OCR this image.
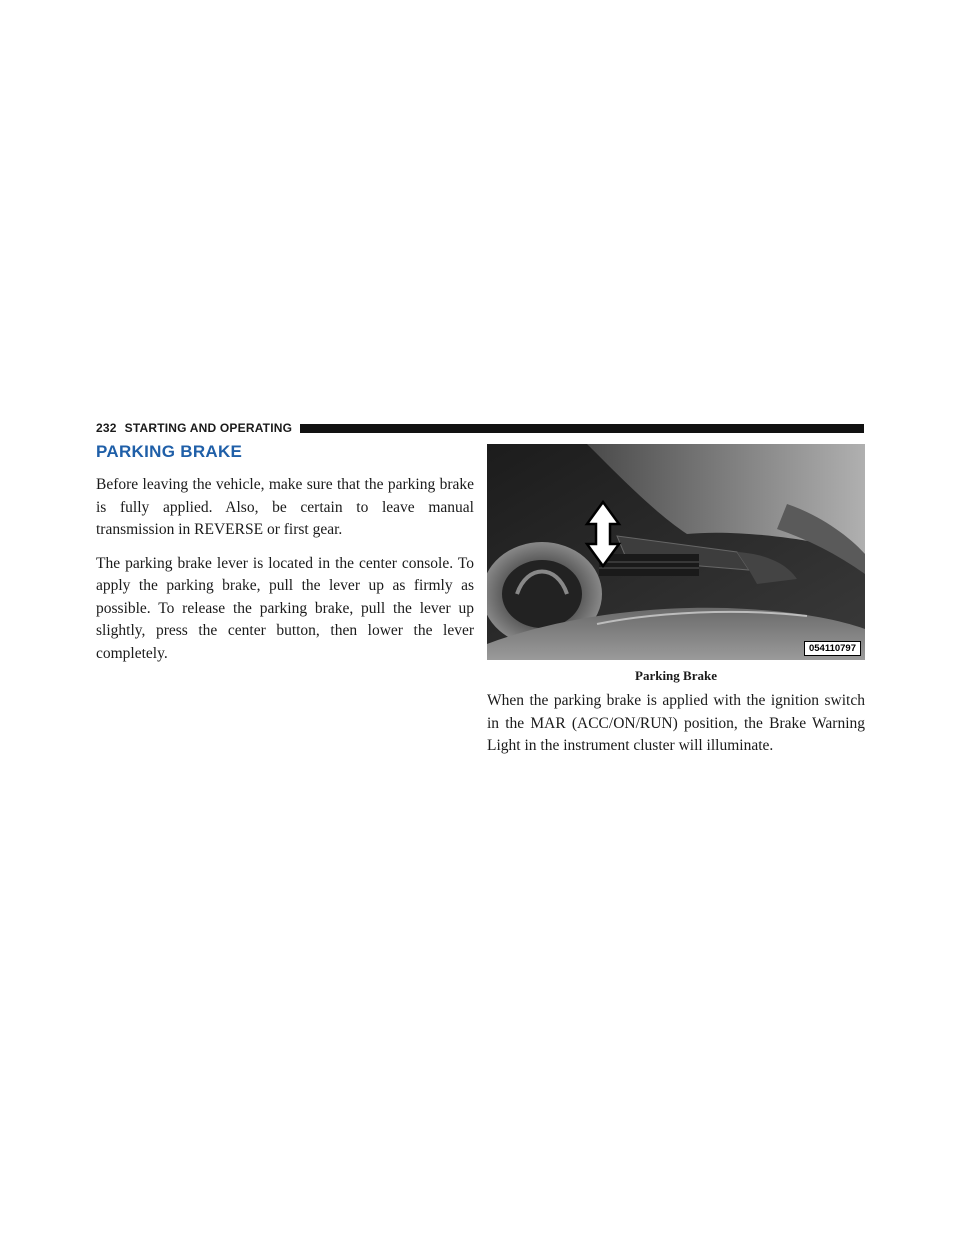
232 STARTING AND OPERATING
PARKING BRAKE

Before leaving the vehicle, make sure that the parking brake is fully applied. Also, be certain to leave manual transmission in REVERSE or first gear.

The parking brake lever is located in the center console. To apply the parking brake, pull the lever up as firmly as possible. To release the parking brake, pull the lever up slightly, press the center button, then lower the lever completely.	054110797
Parking Brake

When the parking brake is applied with the ignition switch in the MAR (ACC/ON/RUN) position, the Brake Warning Light in the instrument cluster will illuminate.
